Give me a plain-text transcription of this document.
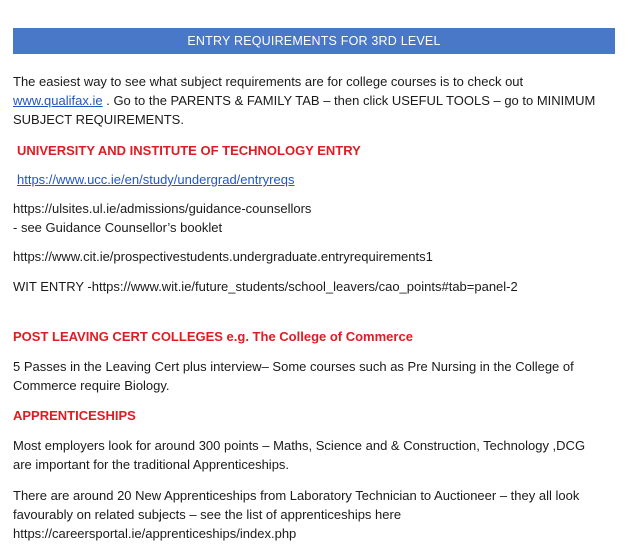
ENTRY REQUIREMENTS FOR 3RD LEVEL
The easiest way to see what subject requirements are for college courses is to check out
www.qualifax.ie . Go to the PARENTS & FAMILY TAB – then click USEFUL TOOLS – go to MINIMUM
SUBJECT REQUIREMENTS.
UNIVERSITY AND INSTITUTE OF TECHNOLOGY ENTRY
https://www.ucc.ie/en/study/undergrad/entryreqs
https://ulsites.ul.ie/admissions/guidance-counsellors
- see Guidance Counsellor’s booklet
https://www.cit.ie/prospectivestudents.undergraduate.entryrequirements1
WIT ENTRY -https://www.wit.ie/future_students/school_leavers/cao_points#tab=panel-2
POST LEAVING CERT COLLEGES e.g. The College of Commerce
5 Passes in the Leaving Cert plus interview– Some courses such as Pre Nursing in the College of
Commerce require Biology.
APPRENTICESHIPS
Most employers look for around 300 points – Maths, Science and & Construction, Technology ,DCG
are important for the traditional Apprenticeships.
There are around 20 New Apprenticeships from Laboratory Technician to Auctioneer – they all look
favourably on related subjects – see the list of apprenticeships here
https://careersportal.ie/apprenticeships/index.php
